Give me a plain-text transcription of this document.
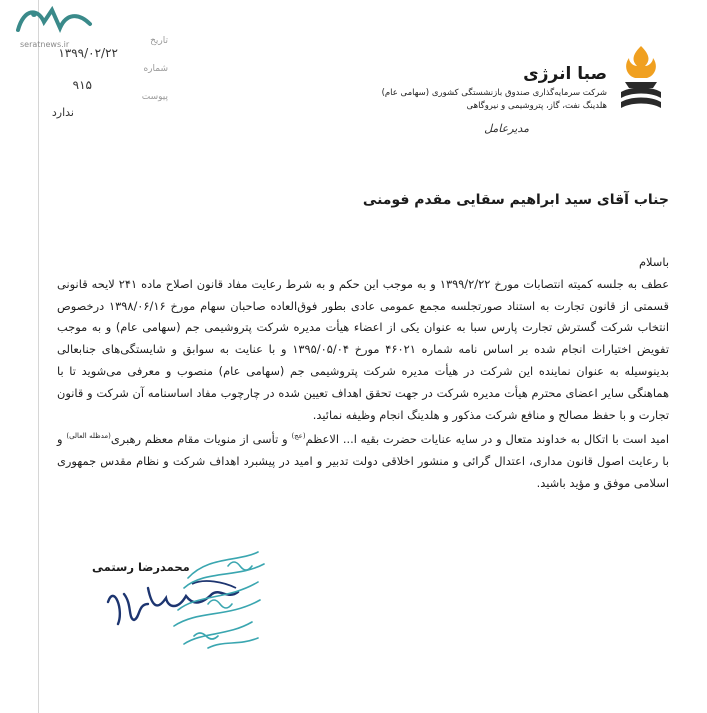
seratnews.ir	تاریخ
۱۳۹۹/۰۲/۲۲
شماره
۹۱۵
پیوست
ندارد
صبا انرژی
شرکت سرمایه‌گذاری صندوق بازنشستگی کشوری (سهامی عام)
هلدینگ نفت، گاز، پتروشیمی و نیروگاهی
مدیرعامل
جناب آقای سید ابراهیم سقایی مقدم فومنی

باسلام

عطف به جلسه کمیته انتصابات مورخ ۱۳۹۹/۲/۲۲ و به موجب این حکم و به شرط رعایت مفاد قانون اصلاح ماده ۲۴۱ لایحه قانونی قسمتی از قانون تجارت به استناد صورتجلسه مجمع عمومی عادی بطور فوق‌العاده صاحبان سهام مورخ ۱۳۹۸/۰۶/۱۶ درخصوص انتخاب شرکت گسترش تجارت پارس سبا به عنوان یکی از اعضاء هیأت مدیره شرکت پتروشیمی جم (سهامی عام) و به موجب تفویض اختیارات انجام شده بر اساس نامه شماره ۴۶۰۲۱ مورخ ۱۳۹۵/۰۵/۰۴ و با عنایت به سوابق و شایستگی‌های جنابعالی بدینوسیله به عنوان نماینده این شرکت در هیأت مدیره شرکت پتروشیمی جم (سهامی عام) منصوب و معرفی می‌شوید تا با هماهنگی سایر اعضای محترم هیأت مدیره شرکت در جهت تحقق اهداف تعیین شده در چارچوب مفاد اساسنامه آن شرکت و قانون تجارت و با حفظ مصالح و منافع شرکت مذکور و هلدینگ انجام وظیفه نمائید.

امید است با اتکال به خداوند متعال و در سایه عنایات حضرت بقیه ا... الاعظم$^{(عج)}$ و تأسی از منویات مقام معظم رهبری$^{(مدظله العالی)}$ و با رعایت اصول قانون مداری، اعتدال گرائی و منشور اخلاقی دولت تدبیر و امید در پیشبرد اهداف شرکت و نظام مقدس جمهوری اسلامی موفق و مؤید باشید.

محمدرضا رستمی
